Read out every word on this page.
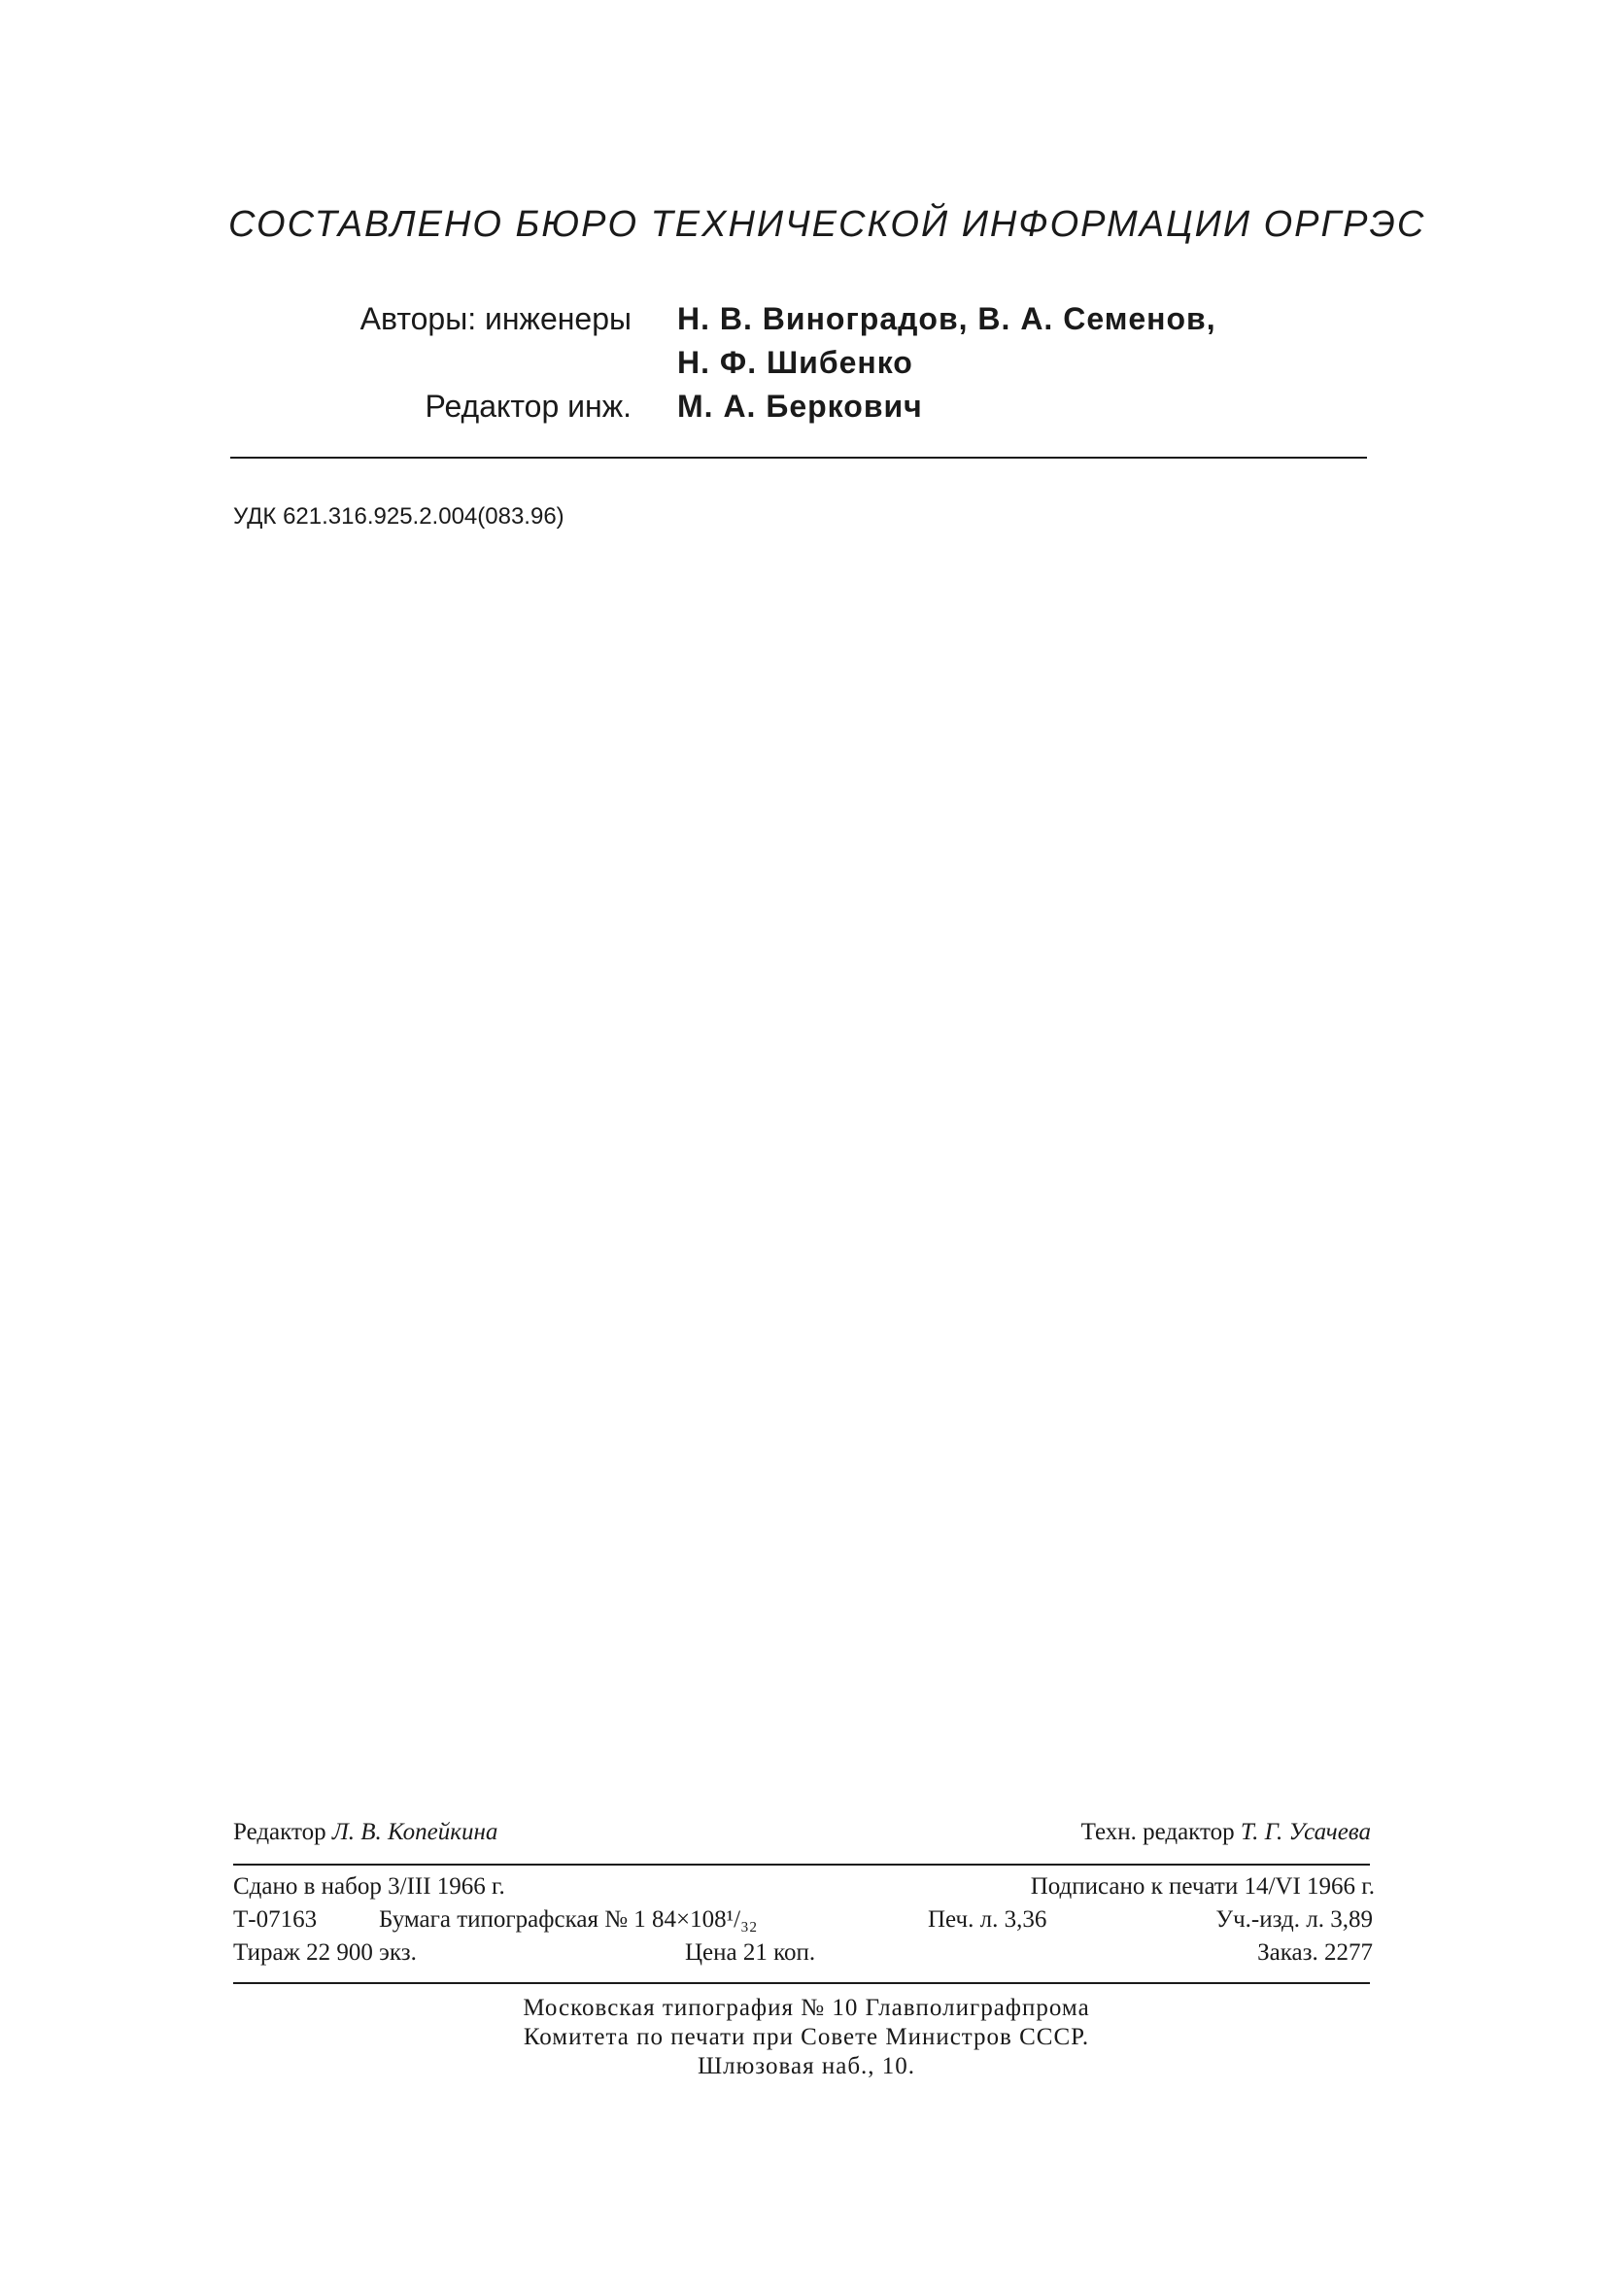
СОСТАВЛЕНО БЮРО ТЕХНИЧЕСКОЙ ИНФОРМАЦИИ ОРГРЭС
Авторы: инженеры Н. В. Виноградов, В. А. Семенов,
Н. Ф. Шибенко
Редактор инж. М. А. Беркович
УДК 621.316.925.2.004(083.96)
Редактор Л. В. Копейкина	Техн. редактор Т. Г. Усачева
Сдано в набор 3/III 1966 г.	Подписано к печати 14/VI 1966 г.
Т-07163	Бумага типографская № 1 84×108¹/₃₂	Печ. л. 3,36	Уч.-изд. л. 3,89
Тираж 22 900 экз.	Цена 21 коп.	Заказ. 2277
Московская типография № 10 Главполиграфпрома
Комитета по печати при Совете Министров СССР.
Шлюзовая наб., 10.
